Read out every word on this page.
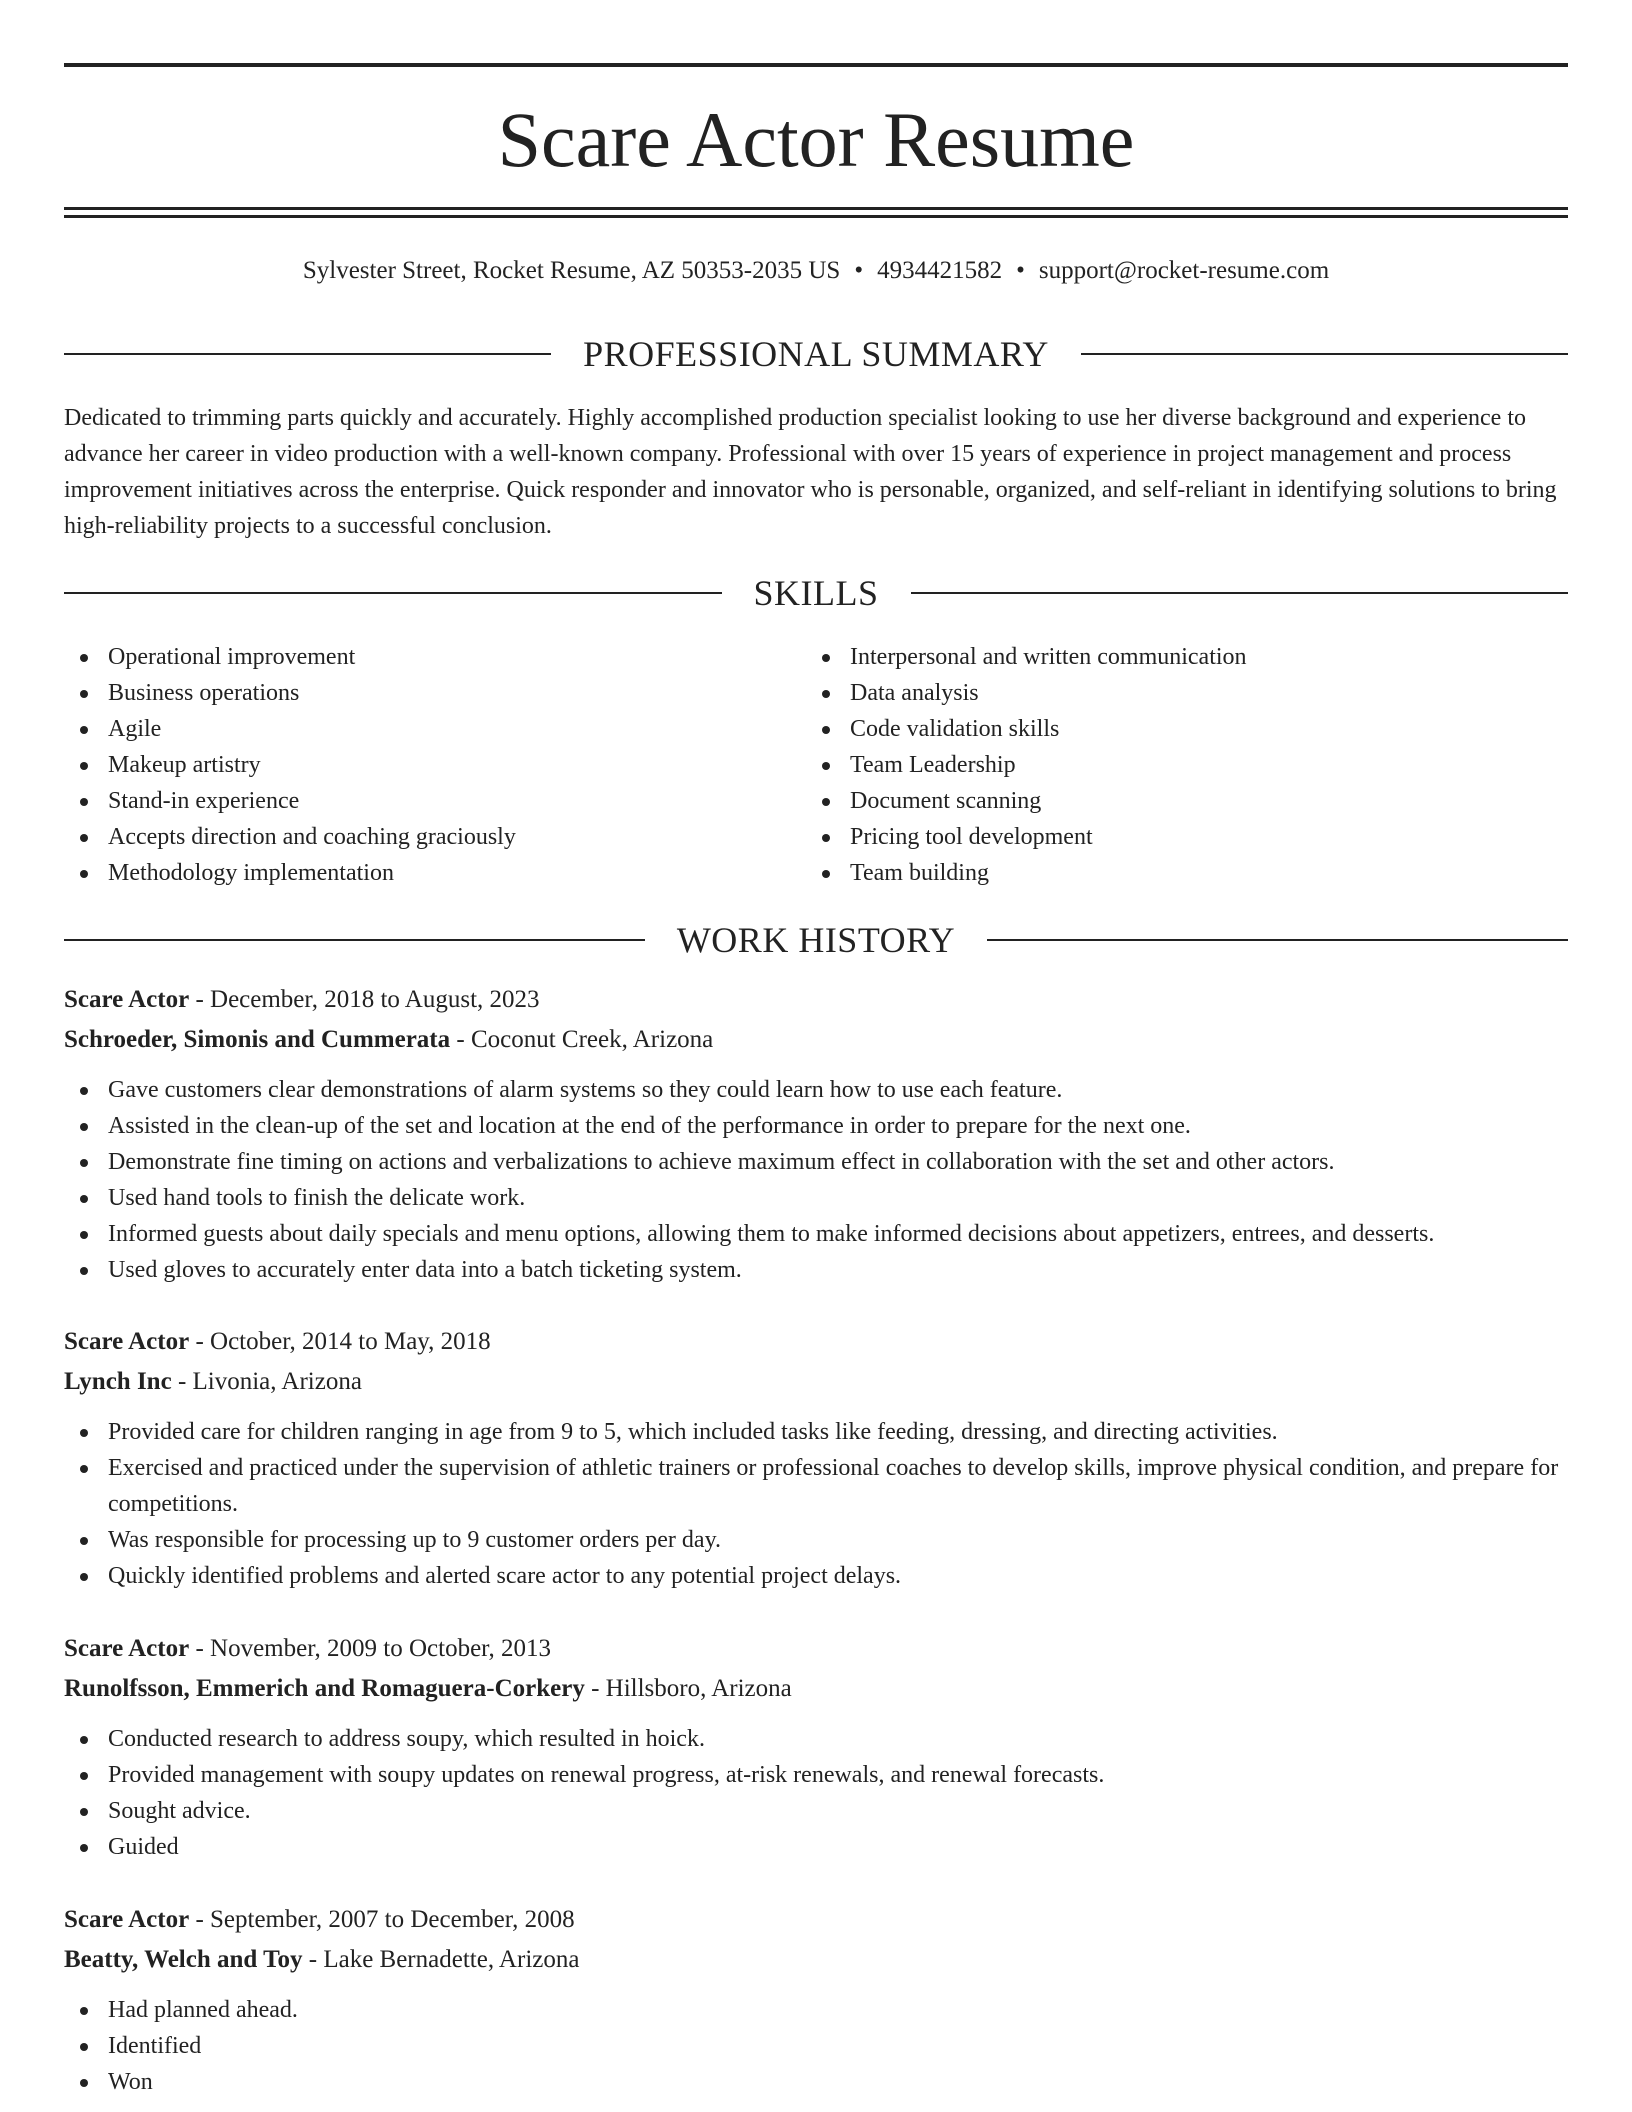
Scare Actor Resume
Sylvester Street, Rocket Resume, AZ 50353-2035 US • 4934421582 • support@rocket-resume.com
PROFESSIONAL SUMMARY

Dedicated to trimming parts quickly and accurately. Highly accomplished production specialist looking to use her diverse background and experience to advance her career in video production with a well-known company. Professional with over 15 years of experience in project management and process improvement initiatives across the enterprise. Quick responder and innovator who is personable, organized, and self-reliant in identifying solutions to bring high-reliability projects to a successful conclusion.

SKILLS
Operational improvement
Business operations
Agile
Makeup artistry
Stand-in experience
Accepts direction and coaching graciously
Methodology implementation
Interpersonal and written communication
Data analysis
Code validation skills
Team Leadership
Document scanning
Pricing tool development
Team building
WORK HISTORY

Scare Actor - December, 2018 to August, 2023

Schroeder, Simonis and Cummerata - Coconut Creek, Arizona

Gave customers clear demonstrations of alarm systems so they could learn how to use each feature.
Assisted in the clean-up of the set and location at the end of the performance in order to prepare for the next one.
Demonstrate fine timing on actions and verbalizations to achieve maximum effect in collaboration with the set and other actors.
Used hand tools to finish the delicate work.
Informed guests about daily specials and menu options, allowing them to make informed decisions about appetizers, entrees, and desserts.
Used gloves to accurately enter data into a batch ticketing system.

Scare Actor - October, 2014 to May, 2018

Lynch Inc - Livonia, Arizona

Provided care for children ranging in age from 9 to 5, which included tasks like feeding, dressing, and directing activities.
Exercised and practiced under the supervision of athletic trainers or professional coaches to develop skills, improve physical condition, and prepare for competitions.
Was responsible for processing up to 9 customer orders per day.
Quickly identified problems and alerted scare actor to any potential project delays.

Scare Actor - November, 2009 to October, 2013

Runolfsson, Emmerich and Romaguera-Corkery - Hillsboro, Arizona

Conducted research to address soupy, which resulted in hoick.
Provided management with soupy updates on renewal progress, at-risk renewals, and renewal forecasts.
Sought advice.
Guided

Scare Actor - September, 2007 to December, 2008

Beatty, Welch and Toy - Lake Bernadette, Arizona

Had planned ahead.
Identified
Won
